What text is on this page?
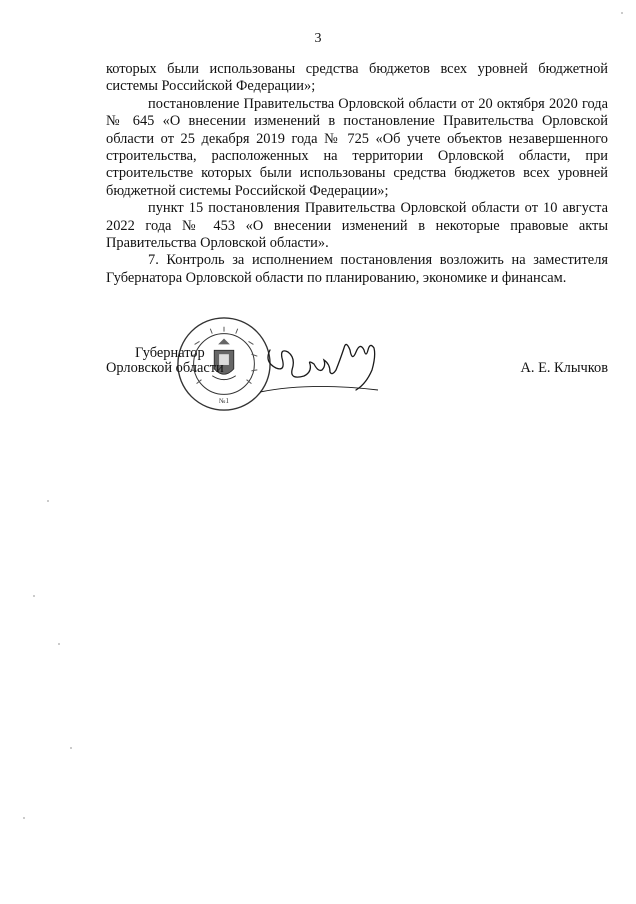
3

которых были использованы средства бюджетов всех уровней бюджетной системы Российской Федерации»;

постановление Правительства Орловской области от 20 октября 2020 года № 645 «О внесении изменений в постановление Правительства Орловской области от 25 декабря 2019 года № 725 «Об учете объектов незавершенного строительства, расположенных на территории Орловской области, при строительстве которых были использованы средства бюджетов всех уровней бюджетной системы Российской Федерации»;

пункт 15 постановления Правительства Орловской области от 10 августа 2022 года № 453 «О внесении изменений в некоторые правовые акты Правительства Орловской области».

7. Контроль за исполнением постановления возложить на заместителя Губернатора Орловской области по планированию, экономике и финансам.

№1
Губернатор
Орловской области	А. Е. Клычков
